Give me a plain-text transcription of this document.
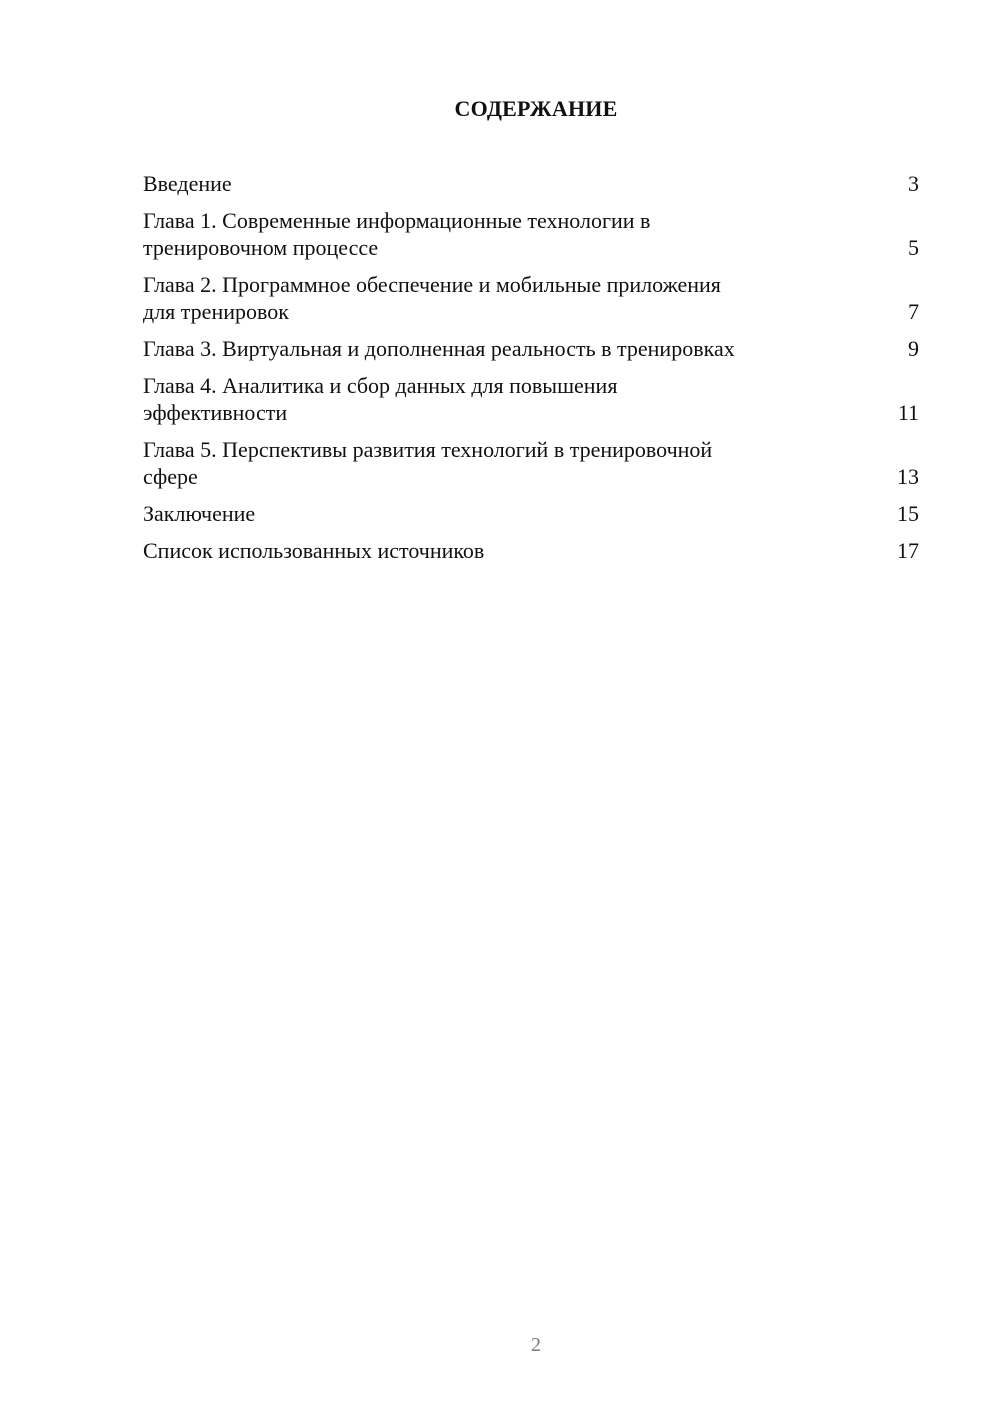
СОДЕРЖАНИЕ
Введение	3
Глава 1. Современные информационные технологии в
тренировочном процессе	5
Глава 2. Программное обеспечение и мобильные приложения
для тренировок	7
Глава 3. Виртуальная и дополненная реальность в тренировках	9
Глава 4. Аналитика и сбор данных для повышения
эффективности	11
Глава 5. Перспективы развития технологий в тренировочной
сфере	13
Заключение	15
Список использованных источников	17
2
